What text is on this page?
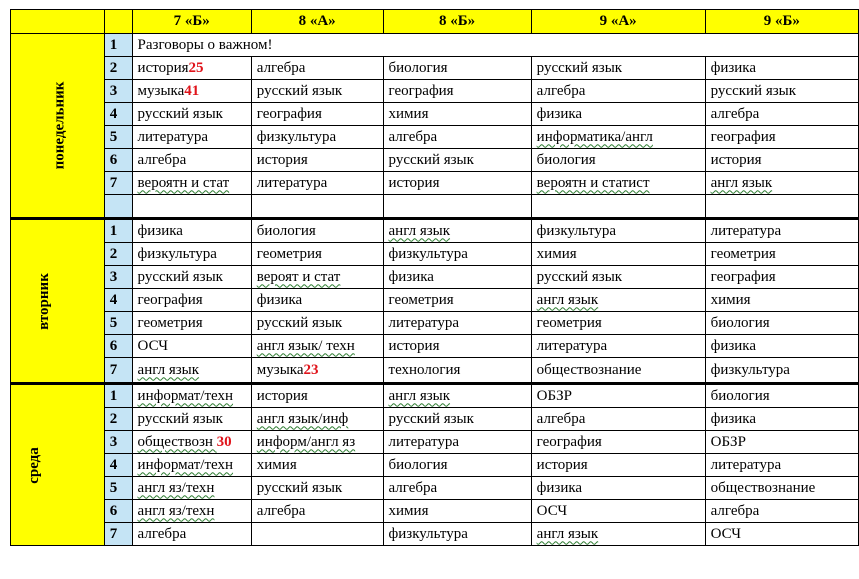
		7 «Б»	8 «А»	8 «Б»	9 «А»	9 «Б»
понедельник	1	Разговоры о важном!				
	2	история25	алгебра	биология	русский язык	физика
	3	музыка41	русский язык	география	алгебра	русский язык
	4	русский язык	география	химия	физика	алгебра
	5	литература	физкультура	алгебра	информатика/англ	география
	6	алгебра	история	русский язык	биология	история
	7	вероятн и стат	литература	история	вероятн и статист	англ язык

вторник	1	физика	биология	англ язык	физкультура	литература
	2	физкультура	геометрия	физкультура	химия	геометрия
	3	русский язык	вероят и стат	физика	русский язык	география
	4	география	физика	геометрия	англ язык	химия
	5	геометрия	русский язык	литература	геометрия	биология
	6	ОСЧ	англ язык/ техн	история	литература	физика
	7	англ язык	музыка23	технология	обществознание	физкультура
среда	1	информат/техн	история	англ язык	ОБЗР	биология
	2	русский язык	англ язык/инф	русский язык	алгебра	физика
	3	обществозн 30	информ/англ яз	литература	география	ОБЗР
	4	информат/техн	химия	биология	история	литература
	5	англ яз/техн	русский язык	алгебра	физика	обществознание
	6	англ яз/техн	алгебра	химия	ОСЧ	алгебра
	7	алгебра		физкультура	англ язык	ОСЧ
